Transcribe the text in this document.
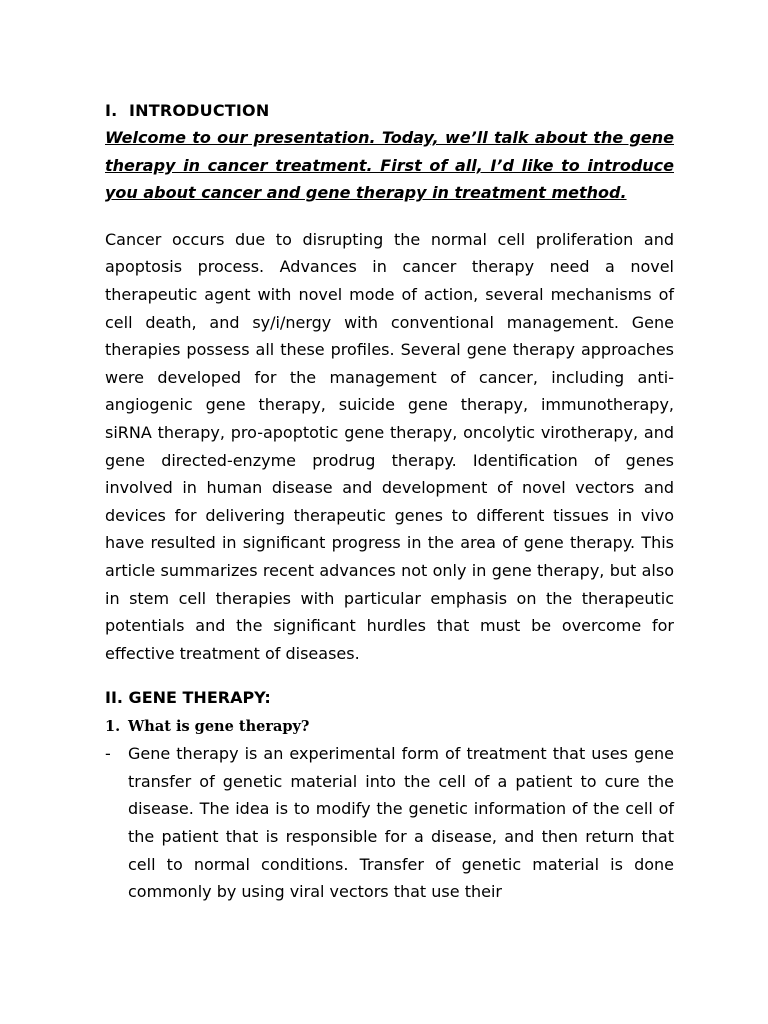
I. INTRODUCTION

Welcome to our presentation. Today, we’ll talk about the gene therapy in cancer treatment. First of all, I’d like to introduce you about cancer and gene therapy in treatment method.

Cancer occurs due to disrupting the normal cell proliferation and apoptosis process. Advances in cancer therapy need a novel therapeutic agent with novel mode of action, several mechanisms of cell death, and sy/i/nergy with conventional management. Gene therapies possess all these profiles. Several gene therapy approaches were developed for the management of cancer, including anti-angiogenic gene therapy, suicide gene therapy, immunotherapy, siRNA therapy, pro-apoptotic gene therapy, oncolytic virotherapy, and gene directed-enzyme prodrug therapy. Identification of genes involved in human disease and development of novel vectors and devices for delivering therapeutic genes to different tissues in vivo have resulted in significant progress in the area of gene therapy. This article summarizes recent advances not only in gene therapy, but also in stem cell therapies with particular emphasis on the therapeutic potentials and the significant hurdles that must be overcome for effective treatment of diseases.

II. GENE THERAPY:
1. What is gene therapy?
- Gene therapy is an experimental form of treatment that uses gene transfer of genetic material into the cell of a patient to cure the disease. The idea is to modify the genetic information of the cell of the patient that is responsible for a disease, and then return that cell to normal conditions. Transfer of genetic material is done commonly by using viral vectors that use their
